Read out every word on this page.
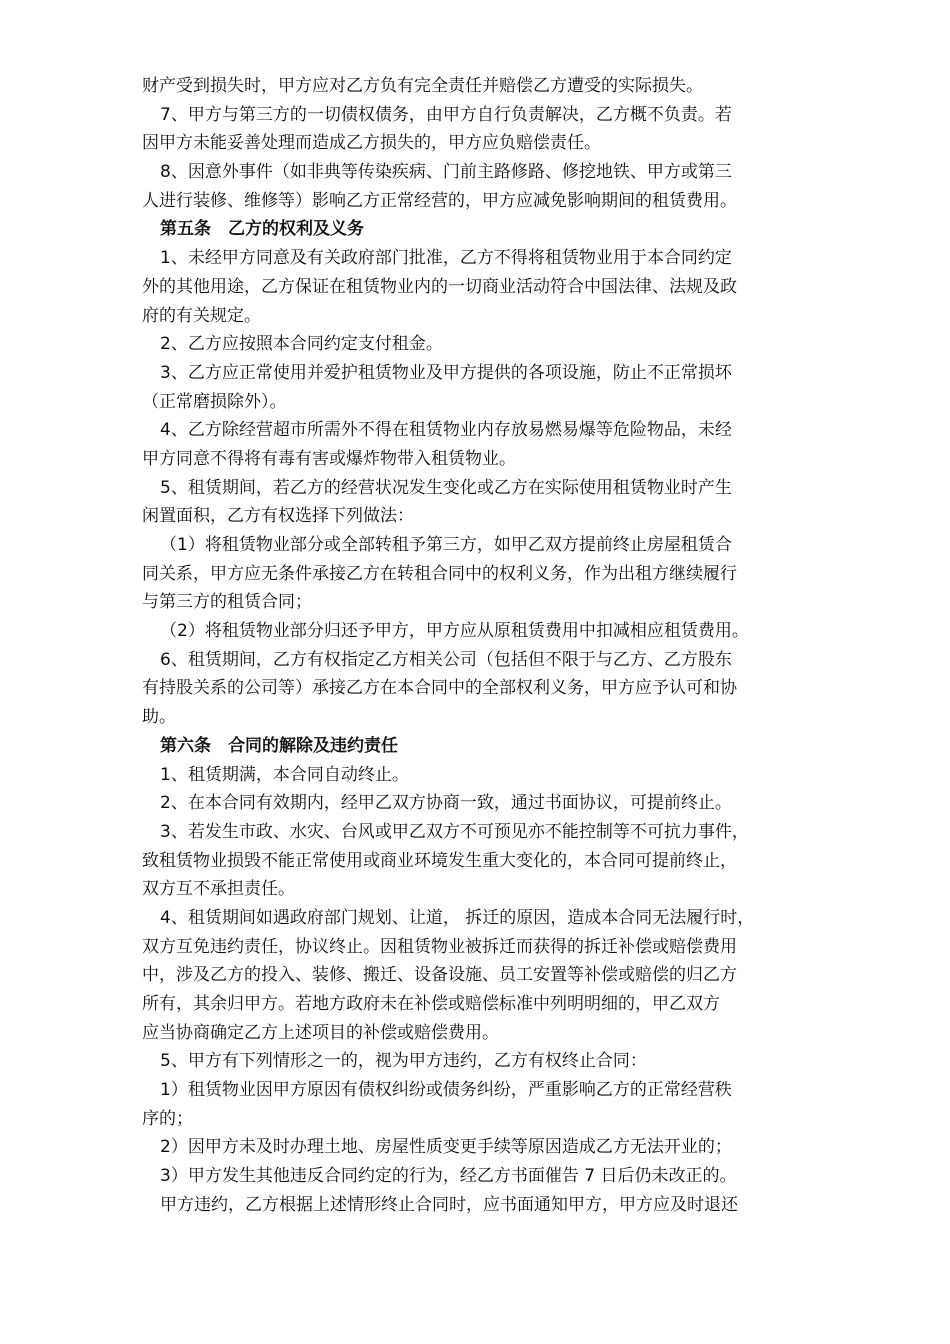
财产受到损失时，甲方应对乙方负有完全责任并赔偿乙方遭受的实际损失。
7、甲方与第三方的一切债权债务，由甲方自行负责解决，乙方概不负责。若
因甲方未能妥善处理而造成乙方损失的，甲方应负赔偿责任。
8、因意外事件（如非典等传染疾病、门前主路修路、修挖地铁、甲方或第三
人进行装修、维修等）影响乙方正常经营的，甲方应减免影响期间的租赁费用。
第五条　乙方的权利及义务
1、未经甲方同意及有关政府部门批准，乙方不得将租赁物业用于本合同约定
外的其他用途，乙方保证在租赁物业内的一切商业活动符合中国法律、法规及政
府的有关规定。
2、乙方应按照本合同约定支付租金。
3、乙方应正常使用并爱护租赁物业及甲方提供的各项设施，防止不正常损坏
（正常磨损除外）。
4、乙方除经营超市所需外不得在租赁物业内存放易燃易爆等危险物品，未经
甲方同意不得将有毒有害或爆炸物带入租赁物业。
5、租赁期间，若乙方的经营状况发生变化或乙方在实际使用租赁物业时产生
闲置面积，乙方有权选择下列做法：
（1）将租赁物业部分或全部转租予第三方，如甲乙双方提前终止房屋租赁合
同关系，甲方应无条件承接乙方在转租合同中的权利义务，作为出租方继续履行
与第三方的租赁合同；
（2）将租赁物业部分归还予甲方，甲方应从原租赁费用中扣减相应租赁费用。
6、租赁期间，乙方有权指定乙方相关公司（包括但不限于与乙方、乙方股东
有持股关系的公司等）承接乙方在本合同中的全部权利义务，甲方应予认可和协
助。
第六条　合同的解除及违约责任
1、租赁期满，本合同自动终止。
2、在本合同有效期内，经甲乙双方协商一致，通过书面协议，可提前终止。
3、若发生市政、水灾、台风或甲乙双方不可预见亦不能控制等不可抗力事件，
致租赁物业损毁不能正常使用或商业环境发生重大变化的，本合同可提前终止，
双方互不承担责任。
4、租赁期间如遇政府部门规划、让道， 拆迁的原因，造成本合同无法履行时，
双方互免违约责任，协议终止。因租赁物业被拆迁而获得的拆迁补偿或赔偿费用
中，涉及乙方的投入、装修、搬迁、设备设施、员工安置等补偿或赔偿的归乙方
所有，其余归甲方。若地方政府未在补偿或赔偿标准中列明明细的，甲乙双方
应当协商确定乙方上述项目的补偿或赔偿费用。
5、甲方有下列情形之一的，视为甲方违约，乙方有权终止合同：
1）租赁物业因甲方原因有债权纠纷或债务纠纷，严重影响乙方的正常经营秩
序的；
2）因甲方未及时办理土地、房屋性质变更手续等原因造成乙方无法开业的；
3）甲方发生其他违反合同约定的行为，经乙方书面催告 7 日后仍未改正的。
甲方违约，乙方根据上述情形终止合同时，应书面通知甲方，甲方应及时退还
